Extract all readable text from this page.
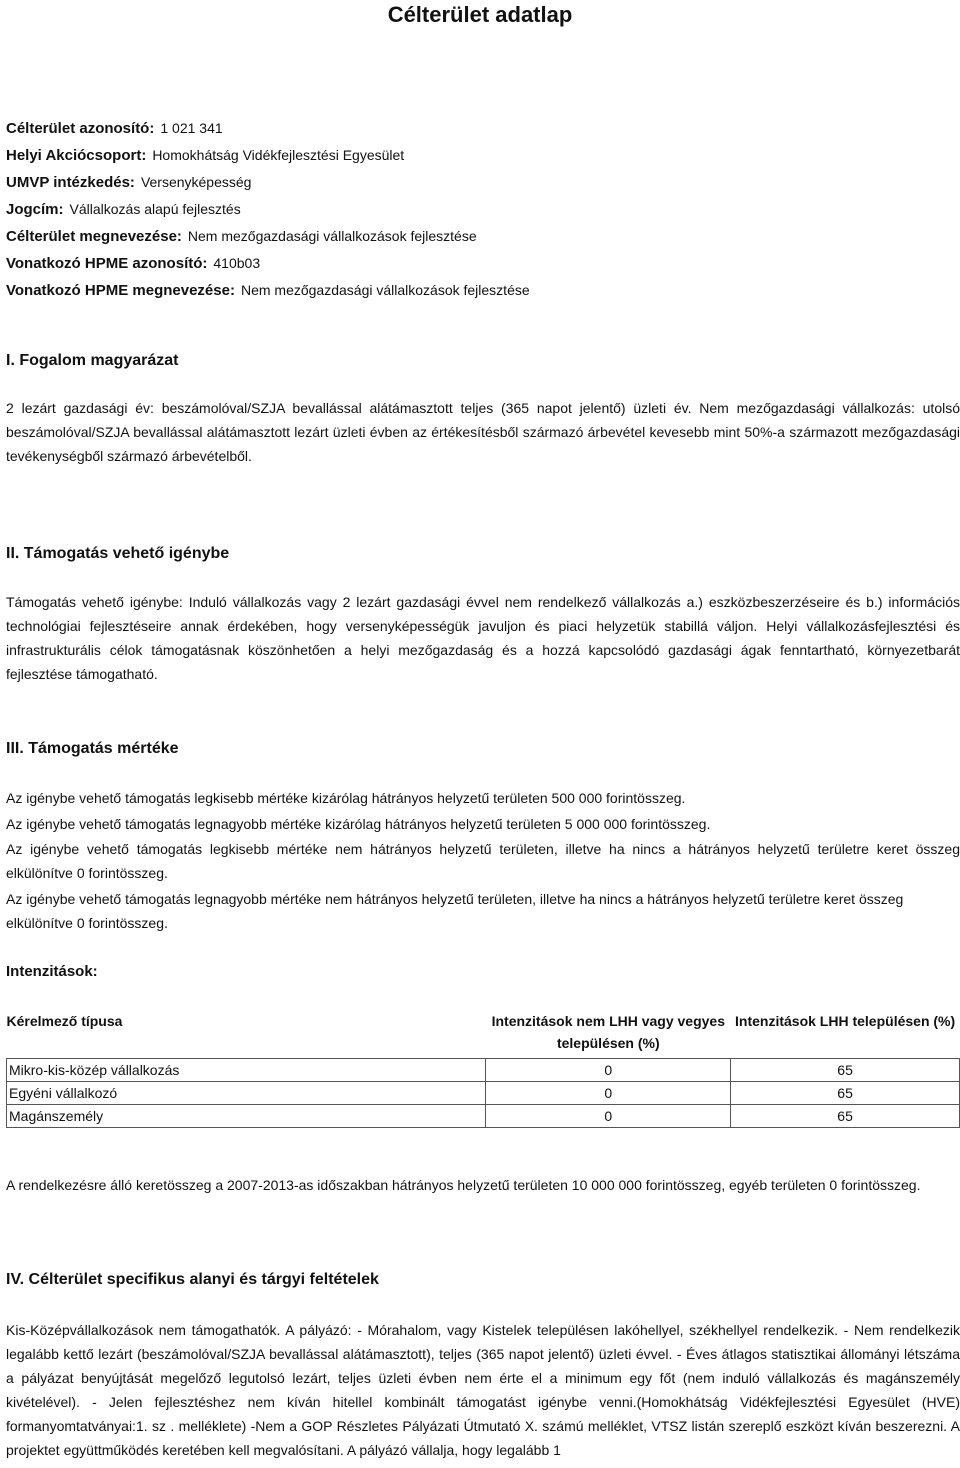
Célterület adatlap
Célterület azonosító: 1 021 341
Helyi Akciócsoport: Homokhátság Vidékfejlesztési Egyesület
UMVP intézkedés: Versenyképesség
Jogcím: Vállalkozás alapú fejlesztés
Célterület megnevezése: Nem mezőgazdasági vállalkozások fejlesztése
Vonatkozó HPME azonosító: 410b03
Vonatkozó HPME megnevezése: Nem mezőgazdasági vállalkozások fejlesztése
I. Fogalom magyarázat

2 lezárt gazdasági év: beszámolóval/SZJA bevallással alátámasztott teljes (365 napot jelentő) üzleti év. Nem mezőgazdasági vállalkozás: utolsó beszámolóval/SZJA bevallással alátámasztott lezárt üzleti évben az értékesítésből származó árbevétel kevesebb mint 50%-a származott mezőgazdasági tevékenységből származó árbevételből.

II. Támogatás vehető igénybe

Támogatás vehető igénybe: Induló vállalkozás vagy 2 lezárt gazdasági évvel nem rendelkező vállalkozás a.) eszközbeszerzéseire és b.) információs technológiai fejlesztéseire annak érdekében, hogy versenyképességük javuljon és piaci helyzetük stabillá váljon. Helyi vállalkozásfejlesztési és infrastrukturális célok támogatásnak köszönhetően a helyi mezőgazdaság és a hozzá kapcsolódó gazdasági ágak fenntartható, környezetbarát fejlesztése támogatható.

III. Támogatás mértéke
Az igénybe vehető támogatás legkisebb mértéke kizárólag hátrányos helyzetű területen 500 000 forintösszeg.
Az igénybe vehető támogatás legnagyobb mértéke kizárólag hátrányos helyzetű területen 5 000 000 forintösszeg.

Az igénybe vehető támogatás legkisebb mértéke nem hátrányos helyzetű területen, illetve ha nincs a hátrányos helyzetű területre keret összeg elkülönítve 0 forintösszeg.

Az igénybe vehető támogatás legnagyobb mértéke nem hátrányos helyzetű területen, illetve ha nincs a hátrányos helyzetű területre keret összeg elkülönítve 0 forintösszeg.

Intenzitások:
Kérelmező típusa	Intenzitások nem LHH vagy vegyes településen (%)	Intenzitások LHH településen (%)
Mikro-kis-közép vállalkozás	0	65
Egyéni vállalkozó	0	65
Magánszemély	0	65

A rendelkezésre álló keretösszeg a 2007-2013-as időszakban hátrányos helyzetű területen 10 000 000 forintösszeg, egyéb területen 0 forintösszeg.

IV. Célterület specifikus alanyi és tárgyi feltételek

Kis-Középvállalkozások nem támogathatók. A pályázó: - Mórahalom, vagy Kistelek településen lakóhellyel, székhellyel rendelkezik. - Nem rendelkezik legalább kettő lezárt (beszámolóval/SZJA bevallással alátámasztott), teljes (365 napot jelentő) üzleti évvel. - Éves átlagos statisztikai állományi létszáma a pályázat benyújtását megelőző legutolsó lezárt, teljes üzleti évben nem érte el a minimum egy főt (nem induló vállalkozás és magánszemély kivételével). - Jelen fejlesztéshez nem kíván hitellel kombinált támogatást igénybe venni.(Homokhátság Vidékfejlesztési Egyesület (HVE) formanyomtatványai:1. sz . melléklete) -Nem a GOP Részletes Pályázati Útmutató X. számú melléklet, VTSZ listán szereplő eszközt kíván beszerezni. A projektet együttműködés keretében kell megvalósítani. A pályázó vállalja, hogy legalább 1
